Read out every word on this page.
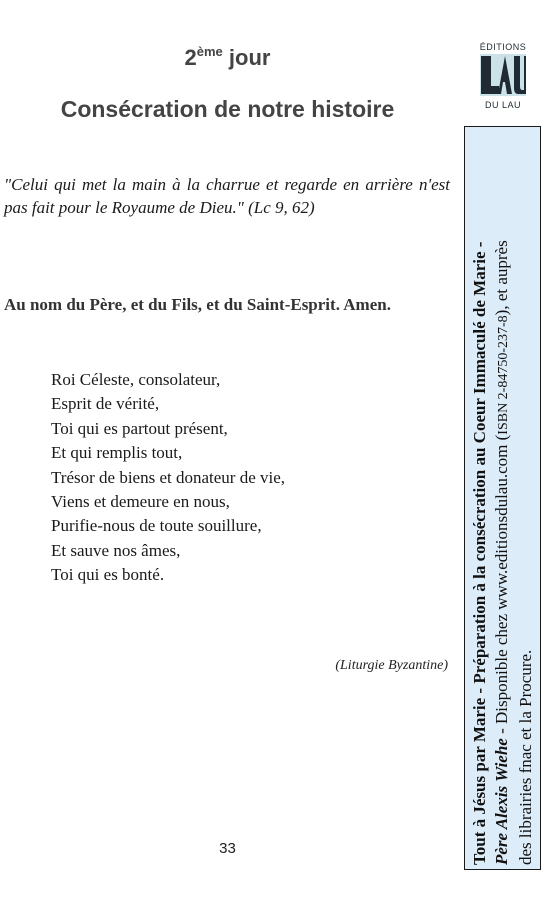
2ème jour
Consécration de notre histoire
"Celui qui met la main à la charrue et regarde en arrière n'est pas fait pour le Royaume de Dieu." (Lc 9, 62)
Au nom du Père, et du Fils, et du Saint-Esprit. Amen.
Roi Céleste, consolateur,
Esprit de vérité,
Toi qui es partout présent,
Et qui remplis tout,
Trésor de biens et donateur de vie,
Viens et demeure en nous,
Purifie-nous de toute souillure,
Et sauve nos âmes,
Toi qui es bonté.
(Liturgie Byzantine)
33
ÉDITIONS
DU LAU
Tout à Jésus par Marie - Préparation à la consécration au Coeur Immaculé de Marie - Père Alexis Wiehe - Disponible chez www.editionsdulau.com (ISBN 2-84750-237-8), et auprès
des librairies fnac et la Procure.
